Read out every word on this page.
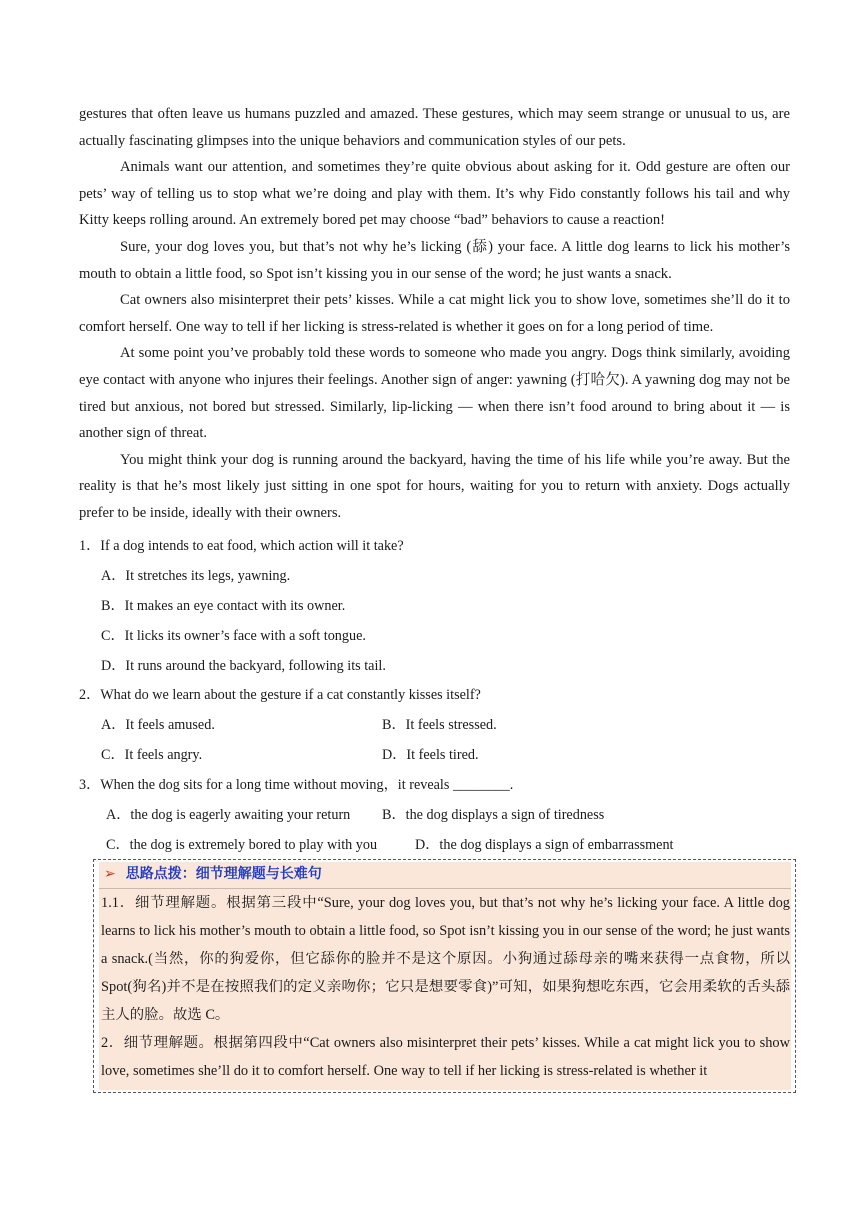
gestures that often leave us humans puzzled and amazed. These gestures, which may seem strange or unusual to us, are actually fascinating glimpses into the unique behaviors and communication styles of our pets.

Animals want our attention, and sometimes they’re quite obvious about asking for it. Odd gesture are often our pets’ way of telling us to stop what we’re doing and play with them. It’s why Fido constantly follows his tail and why Kitty keeps rolling around. An extremely bored pet may choose “bad” behaviors to cause a reaction!

Sure, your dog loves you, but that’s not why he’s licking (舔) your face. A little dog learns to lick his mother’s mouth to obtain a little food, so Spot isn’t kissing you in our sense of the word; he just wants a snack.

Cat owners also misinterpret their pets’ kisses. While a cat might lick you to show love, sometimes she’ll do it to comfort herself. One way to tell if her licking is stress-related is whether it goes on for a long period of time.

At some point you’ve probably told these words to someone who made you angry. Dogs think similarly, avoiding eye contact with anyone who injures their feelings. Another sign of anger: yawning (打哈欠). A yawning dog may not be tired but anxious, not bored but stressed. Similarly, lip-licking — when there isn’t food around to bring about it — is another sign of threat.

You might think your dog is running around the backyard, having the time of his life while you’re away. But the reality is that he’s most likely just sitting in one spot for hours, waiting for you to return with anxiety. Dogs actually prefer to be inside, ideally with their owners.

1．If a dog intends to eat food, which action will it take?
A．It stretches its legs, yawning.
B．It makes an eye contact with its owner.
C．It licks its owner’s face with a soft tongue.
D．It runs around the backyard, following its tail.
2．What do we learn about the gesture if a cat constantly kisses itself?
A．It feels amused.	B．It feels stressed.
C．It feels angry.	D．It feels tired.
3．When the dog sits for a long time without moving，it reveals ________.
A．the dog is eagerly awaiting your return B．the dog displays a sign of tiredness
C．the dog is extremely bored to play with you	D．the dog displays a sign of embarrassment
➢ 思路点拨：细节理解题与长难句

1.1．细节理解题。根据第三段中“Sure, your dog loves you, but that’s not why he’s licking your face. A little dog learns to lick his mother’s mouth to obtain a little food, so Spot isn’t kissing you in our sense of the word; he just wants a snack.(当然，你的狗爱你，但它舔你的脸并不是这个原因。小狗通过舔母亲的嘴来获得一点食物，所以 Spot(狗名)并不是在按照我们的定义亲吻你；它只是想要零食)”可知，如果狗想吃东西，它会用柔软的舌头舔主人的脸。故选 C。

2．细节理解题。根据第四段中“Cat owners also misinterpret their pets’ kisses. While a cat might lick you to show love, sometimes she’ll do it to comfort herself. One way to tell if her licking is stress-related is whether it
